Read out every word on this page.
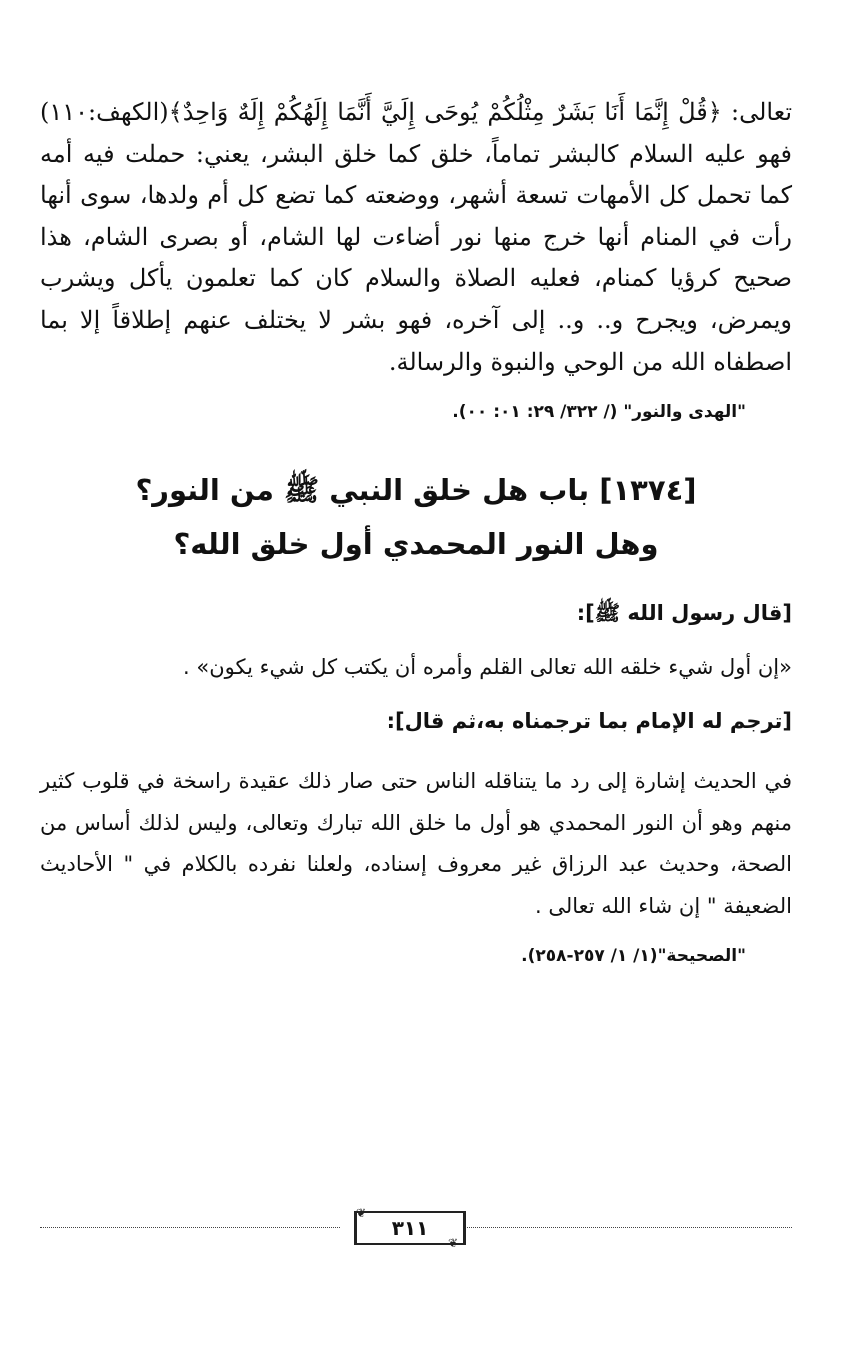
تعالى: ﴿قُلْ إِنَّمَا أَنَا بَشَرٌ مِثْلُكُمْ يُوحَى إِلَيَّ أَنَّمَا إِلَهُكُمْ إِلَهٌ وَاحِدٌ﴾(الكهف:١١٠) فهو عليه السلام كالبشر تماماً، خلق كما خلق البشر، يعني: حملت فيه أمه كما تحمل كل الأمهات تسعة أشهر، ووضعته كما تضع كل أم ولدها، سوى أنها رأت في المنام أنها خرج منها نور أضاءت لها الشام، أو بصرى الشام، هذا صحيح كرؤيا كمنام، فعليه الصلاة والسلام كان كما تعلمون يأكل ويشرب ويمرض، ويجرح و.. و.. إلى آخره، فهو بشر لا يختلف عنهم إطلاقاً إلا بما اصطفاه الله من الوحي والنبوة والرسالة.

"الهدى والنور" (/ ٣٢٢/ ٢٩: ٠١: ٠٠).

[١٣٧٤] باب هل خلق النبي ﷺ من النور؟

وهل النور المحمدي أول خلق الله؟

[قال رسول الله ﷺ]:

«إن أول شيء خلقه الله تعالى القلم وأمره أن يكتب كل شيء يكون» .

[ترجم له الإمام بما ترجمناه به،ثم قال]:

في الحديث إشارة إلى رد ما يتناقله الناس حتى صار ذلك عقيدة راسخة في قلوب كثير منهم وهو أن النور المحمدي هو أول ما خلق الله تبارك وتعالى، وليس لذلك أساس من الصحة، وحديث عبد الرزاق غير معروف إسناده، ولعلنا نفرده بالكلام في " الأحاديث الضعيفة " إن شاء الله تعالى .

"الصحيحة"(١/ ١/ ٢٥٧-٢٥٨).

❦
٣١١
❦
